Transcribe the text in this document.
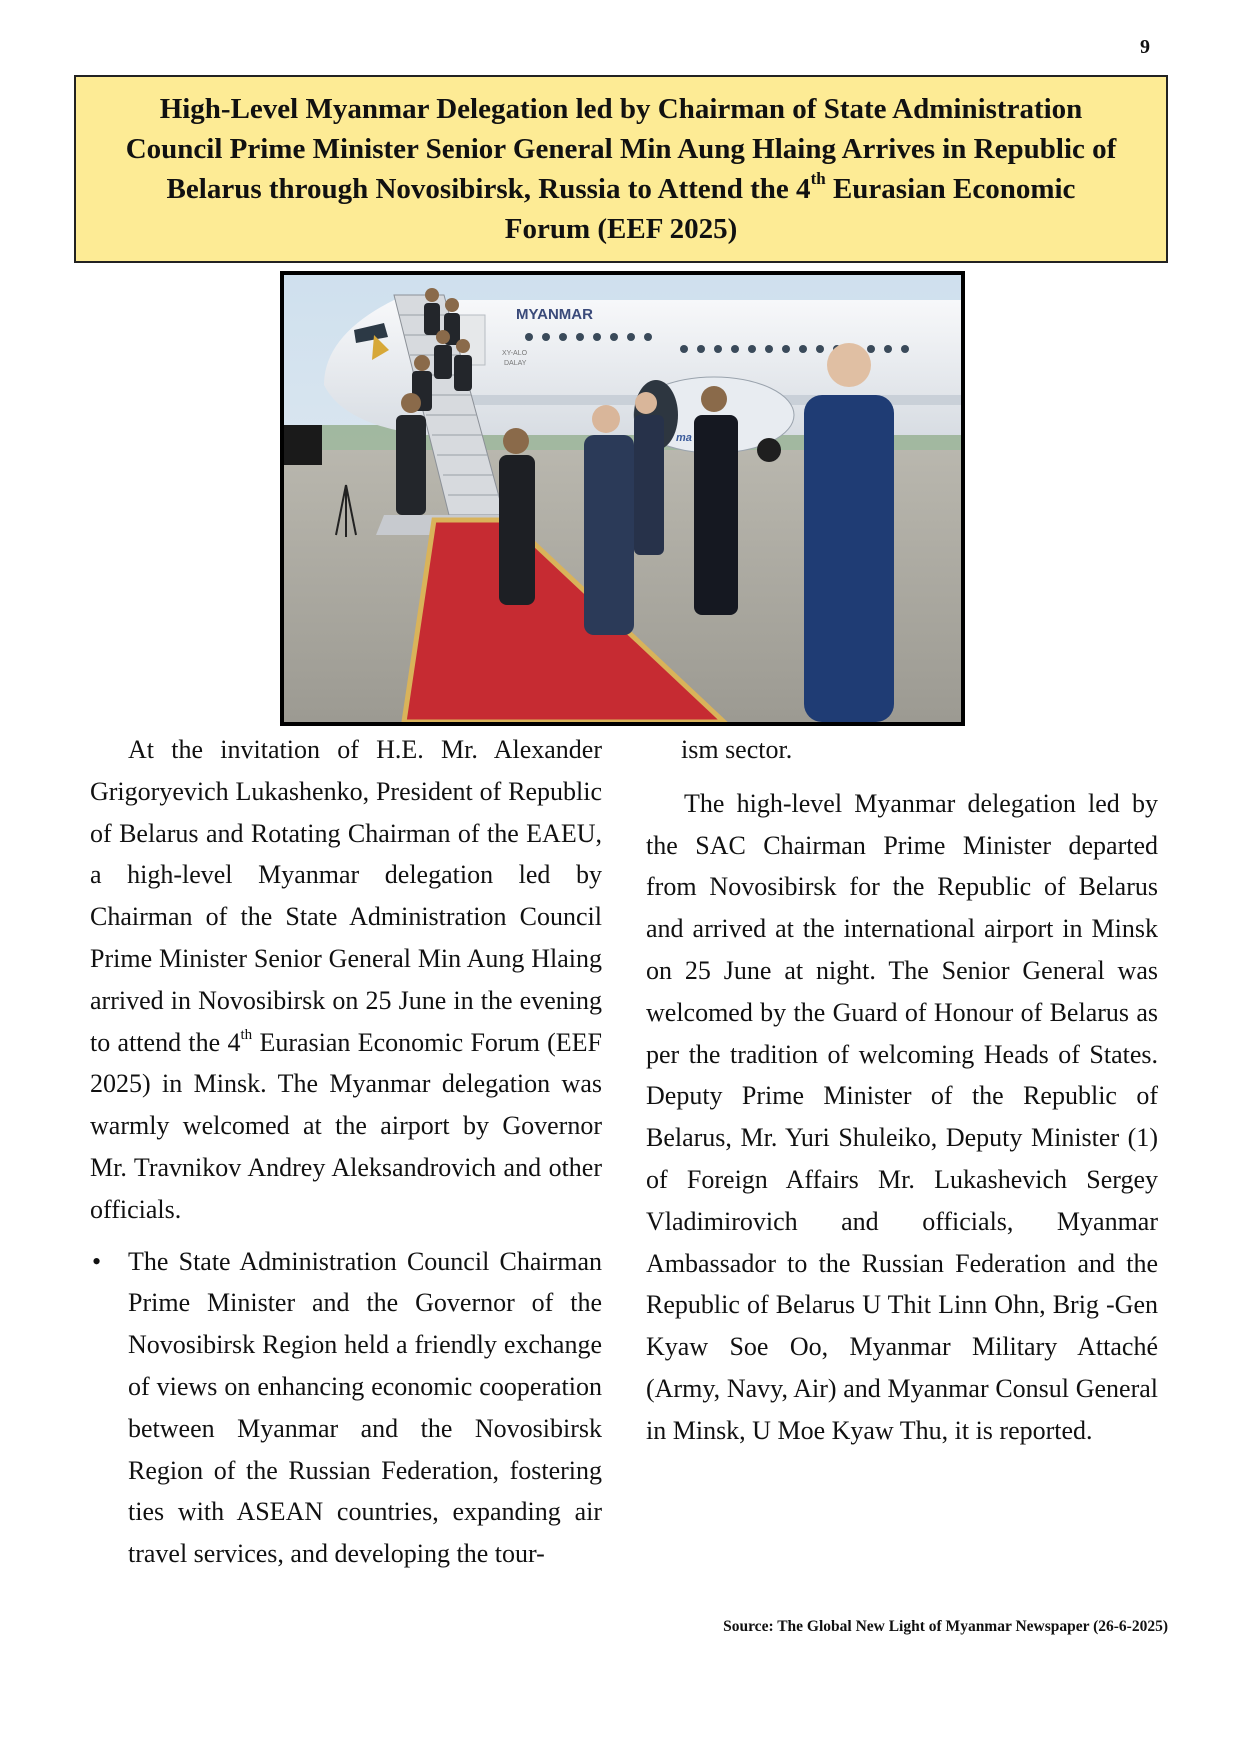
9
High-Level Myanmar Delegation led by Chairman of State Administration
Council Prime Minister Senior General Min Aung Hlaing Arrives in Republic of
Belarus through Novosibirsk, Russia to Attend the 4th Eurasian Economic
Forum (EEF 2025)
MYANMAR
XY-ALO
DALAY
ma

At the invitation of H.E. Mr. Alexander Grigoryevich Lukashenko, President of Republic of Belarus and Rotating Chairman of the EAEU, a high-level Myanmar delegation led by Chairman of the State Administration Council Prime Minister Senior General Min Aung Hlaing arrived in Novosibirsk on 25 June in the evening to attend the 4th Eurasian Economic Forum (EEF 2025) in Minsk. The Myanmar delegation was warmly welcomed at the airport by Governor Mr. Travnikov Andrey Aleksandrovich and other officials.

• The State Administration Council Chairman Prime Minister and the Governor of the Novosibirsk Region held a friendly exchange of views on enhancing economic cooperation between Myanmar and the Novosibirsk Region of the Russian Federation, fostering ties with ASEAN countries, expanding air travel services, and developing the tour-

ism sector.

The high-level Myanmar delegation led by the SAC Chairman Prime Minister departed from Novosibirsk for the Republic of Belarus and arrived at the international airport in Minsk on 25 June at night. The Senior General was welcomed by the Guard of Honour of Belarus as per the tradition of welcoming Heads of States. Deputy Prime Minister of the Republic of Belarus, Mr. Yuri Shuleiko, Deputy Minister (1) of Foreign Affairs Mr. Lukashevich Sergey Vladimirovich and officials, Myanmar Ambassador to the Russian Federation and the Republic of Belarus U Thit Linn Ohn, Brig -Gen Kyaw Soe Oo, Myanmar Military Attaché (Army, Navy, Air) and Myanmar Consul General in Minsk, U Moe Kyaw Thu, it is reported.

Source: The Global New Light of Myanmar Newspaper (26-6-2025)
